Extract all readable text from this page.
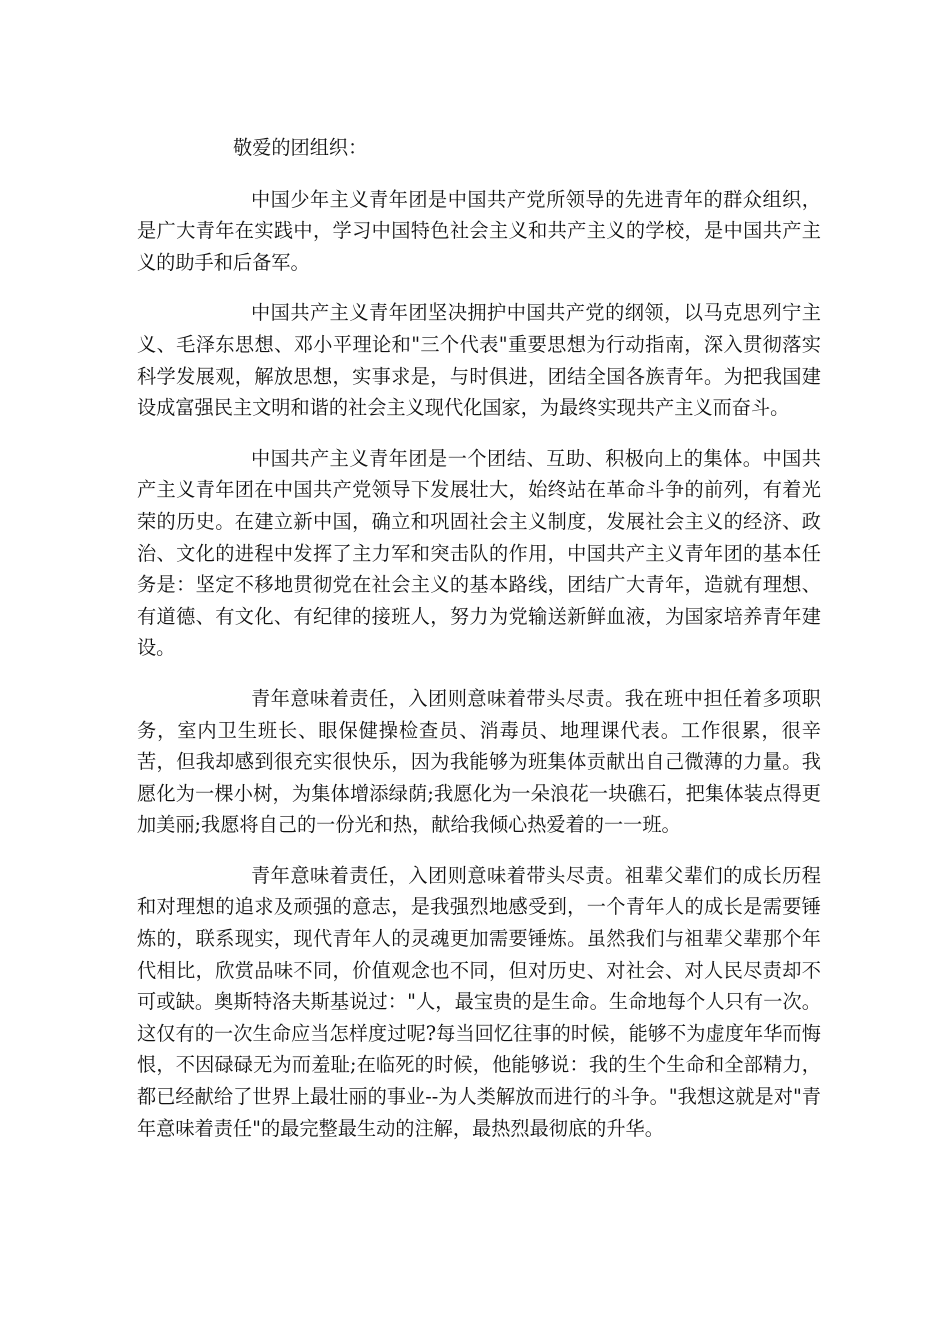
敬爱的团组织：

中国少年主义青年团是中国共产党所领导的先进青年的群众组织，是广大青年在实践中，学习中国特色社会主义和共产主义的学校，是中国共产主义的助手和后备军。

中国共产主义青年团坚决拥护中国共产党的纲领，以马克思列宁主义、毛泽东思想、邓小平理论和"三个代表"重要思想为行动指南，深入贯彻落实科学发展观，解放思想，实事求是，与时俱进，团结全国各族青年。为把我国建设成富强民主文明和谐的社会主义现代化国家，为最终实现共产主义而奋斗。

中国共产主义青年团是一个团结、互助、积极向上的集体。中国共产主义青年团在中国共产党领导下发展壮大，始终站在革命斗争的前列，有着光荣的历史。在建立新中国，确立和巩固社会主义制度，发展社会主义的经济、政治、文化的进程中发挥了主力军和突击队的作用，中国共产主义青年团的基本任务是：坚定不移地贯彻党在社会主义的基本路线，团结广大青年，造就有理想、有道德、有文化、有纪律的接班人，努力为党输送新鲜血液，为国家培养青年建设。

青年意味着责任，入团则意味着带头尽责。我在班中担任着多项职务，室内卫生班长、眼保健操检查员、消毒员、地理课代表。工作很累，很辛苦，但我却感到很充实很快乐，因为我能够为班集体贡献出自己微薄的力量。我愿化为一棵小树，为集体增添绿荫;我愿化为一朵浪花一块礁石，把集体装点得更加美丽;我愿将自己的一份光和热，献给我倾心热爱着的一一班。

青年意味着责任，入团则意味着带头尽责。祖辈父辈们的成长历程和对理想的追求及顽强的意志，是我强烈地感受到，一个青年人的成长是需要锤炼的，联系现实，现代青年人的灵魂更加需要锤炼。虽然我们与祖辈父辈那个年代相比，欣赏品味不同，价值观念也不同，但对历史、对社会、对人民尽责却不可或缺。奥斯特洛夫斯基说过："人，最宝贵的是生命。生命地每个人只有一次。这仅有的一次生命应当怎样度过呢?每当回忆往事的时候，能够不为虚度年华而悔恨，不因碌碌无为而羞耻;在临死的时候，他能够说：我的生个生命和全部精力，都已经献给了世界上最壮丽的事业--为人类解放而进行的斗争。"我想这就是对"青年意味着责任"的最完整最生动的注解，最热烈最彻底的升华。
